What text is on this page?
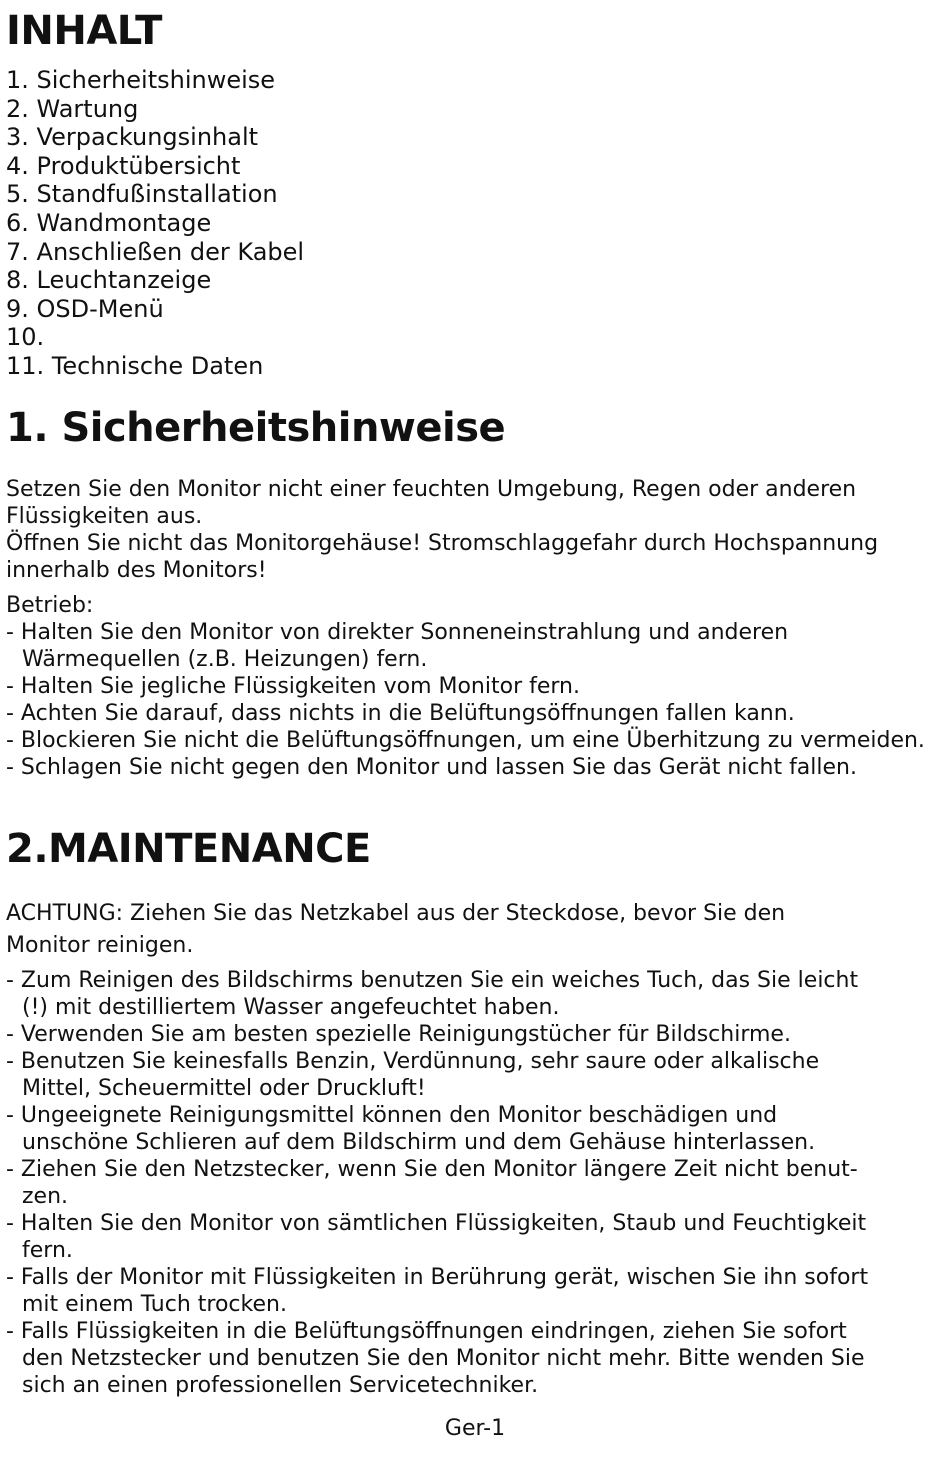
INHALT
1. Sicherheitshinweise
2. Wartung
3. Verpackungsinhalt
4. Produktübersicht
5. Standfußinstallation
6. Wandmontage
7. Anschließen der Kabel
8. Leuchtanzeige
9. OSD-Menü
10.
11. Technische Daten
1. Sicherheitshinweise

Setzen Sie den Monitor nicht einer feuchten Umgebung, Regen oder anderen Flüssigkeiten aus.

Öffnen Sie nicht das Monitorgehäuse! Stromschlaggefahr durch Hochspannung innerhalb des Monitors!

Betrieb:

- Halten Sie den Monitor von direkter Sonneneinstrahlung und anderen Wärmequellen (z.B. Heizungen) fern.
- Halten Sie jegliche Flüssigkeiten vom Monitor fern.
- Achten Sie darauf, dass nichts in die Belüftungsöffnungen fallen kann.
- Blockieren Sie nicht die Belüftungsöffnungen, um eine Überhitzung zu vermeiden.
- Schlagen Sie nicht gegen den Monitor und lassen Sie das Gerät nicht fallen.
2.MAINTENANCE

ACHTUNG: Ziehen Sie das Netzkabel aus der Steckdose, bevor Sie den Monitor reinigen.

- Zum Reinigen des Bildschirms benutzen Sie ein weiches Tuch, das Sie leicht (!) mit destilliertem Wasser angefeuchtet haben.
- Verwenden Sie am besten spezielle Reinigungstücher für Bildschirme.
- Benutzen Sie keinesfalls Benzin, Verdünnung, sehr saure oder alkalische Mittel, Scheuermittel oder Druckluft!
- Ungeeignete Reinigungsmittel können den Monitor beschädigen und unschöne Schlieren auf dem Bildschirm und dem Gehäuse hinterlassen.
- Ziehen Sie den Netzstecker, wenn Sie den Monitor längere Zeit nicht benut- zen.
- Halten Sie den Monitor von sämtlichen Flüssigkeiten, Staub und Feuchtigkeit fern.
- Falls der Monitor mit Flüssigkeiten in Berührung gerät, wischen Sie ihn sofort mit einem Tuch trocken.
- Falls Flüssigkeiten in die Belüftungsöffnungen eindringen, ziehen Sie sofort den Netzstecker und benutzen Sie den Monitor nicht mehr. Bitte wenden Sie sich an einen professionellen Servicetechniker.
Ger-1
